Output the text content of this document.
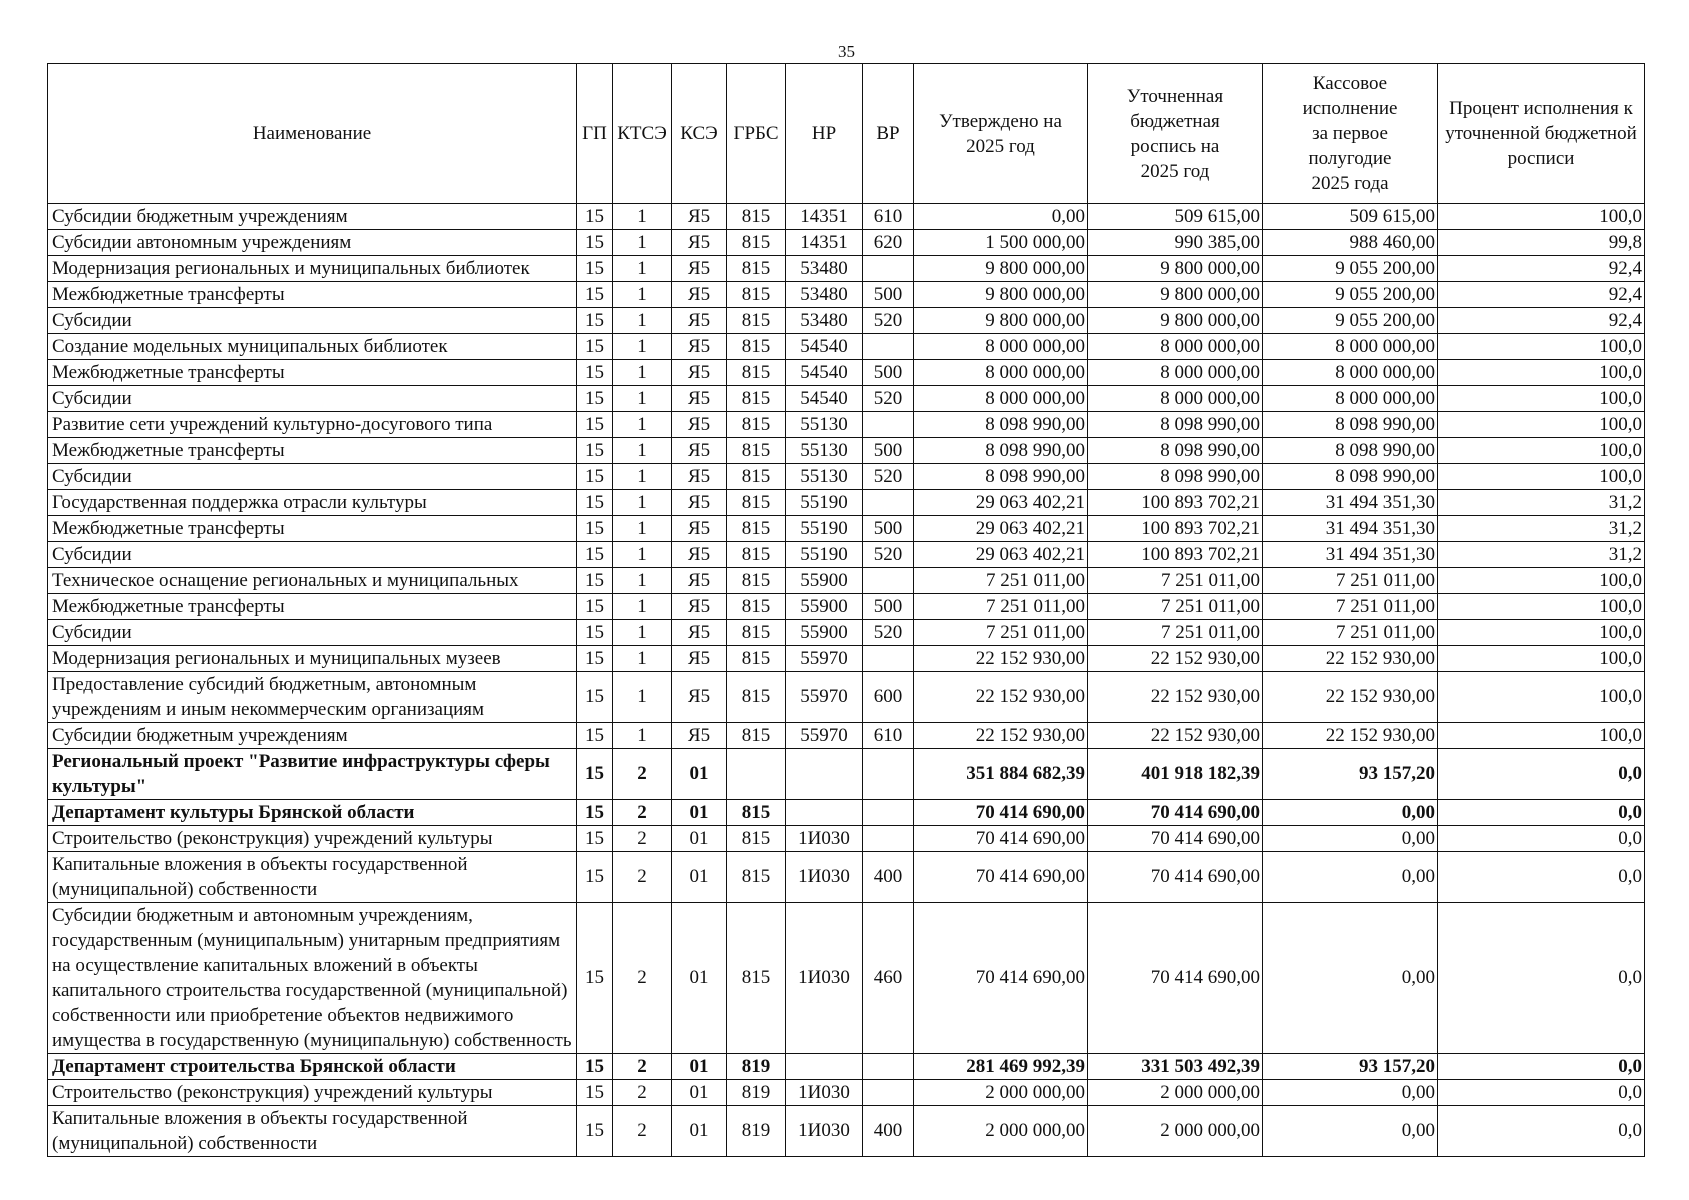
35
Наименование	ГП	КТСЭ	КСЭ	ГРБС	НР	ВР	Утверждено на 2025 год	Уточненная бюджетная роспись на 2025 год	Кассовое исполнение за первое полугодие 2025 года	Процент исполнения к уточненной бюджетной росписи
Субсидии бюджетным учреждениям	15	1	Я5	815	14351	610	0,00	509 615,00	509 615,00	100,0
Субсидии автономным учреждениям	15	1	Я5	815	14351	620	1 500 000,00	990 385,00	988 460,00	99,8
Модернизация региональных и муниципальных библиотек	15	1	Я5	815	53480		9 800 000,00	9 800 000,00	9 055 200,00	92,4
Межбюджетные трансферты	15	1	Я5	815	53480	500	9 800 000,00	9 800 000,00	9 055 200,00	92,4
Субсидии	15	1	Я5	815	53480	520	9 800 000,00	9 800 000,00	9 055 200,00	92,4
Создание модельных муниципальных библиотек	15	1	Я5	815	54540		8 000 000,00	8 000 000,00	8 000 000,00	100,0
Межбюджетные трансферты	15	1	Я5	815	54540	500	8 000 000,00	8 000 000,00	8 000 000,00	100,0
Субсидии	15	1	Я5	815	54540	520	8 000 000,00	8 000 000,00	8 000 000,00	100,0
Развитие сети учреждений культурно-досугового типа	15	1	Я5	815	55130		8 098 990,00	8 098 990,00	8 098 990,00	100,0
Межбюджетные трансферты	15	1	Я5	815	55130	500	8 098 990,00	8 098 990,00	8 098 990,00	100,0
Субсидии	15	1	Я5	815	55130	520	8 098 990,00	8 098 990,00	8 098 990,00	100,0
Государственная поддержка отрасли культуры	15	1	Я5	815	55190		29 063 402,21	100 893 702,21	31 494 351,30	31,2
Межбюджетные трансферты	15	1	Я5	815	55190	500	29 063 402,21	100 893 702,21	31 494 351,30	31,2
Субсидии	15	1	Я5	815	55190	520	29 063 402,21	100 893 702,21	31 494 351,30	31,2
Техническое оснащение региональных и муниципальных	15	1	Я5	815	55900		7 251 011,00	7 251 011,00	7 251 011,00	100,0
Межбюджетные трансферты	15	1	Я5	815	55900	500	7 251 011,00	7 251 011,00	7 251 011,00	100,0
Субсидии	15	1	Я5	815	55900	520	7 251 011,00	7 251 011,00	7 251 011,00	100,0
Модернизация региональных и муниципальных музеев	15	1	Я5	815	55970		22 152 930,00	22 152 930,00	22 152 930,00	100,0
Предоставление субсидий бюджетным, автономным учреждениям и иным некоммерческим организациям	15	1	Я5	815	55970	600	22 152 930,00	22 152 930,00	22 152 930,00	100,0
Субсидии бюджетным учреждениям	15	1	Я5	815	55970	610	22 152 930,00	22 152 930,00	22 152 930,00	100,0
Региональный проект "Развитие инфраструктуры сферы культуры"	15	2	01				351 884 682,39	401 918 182,39	93 157,20	0,0
Департамент культуры Брянской области	15	2	01	815			70 414 690,00	70 414 690,00	0,00	0,0
Строительство (реконструкция) учреждений культуры	15	2	01	815	1И030		70 414 690,00	70 414 690,00	0,00	0,0
Капитальные вложения в объекты государственной (муниципальной) собственности	15	2	01	815	1И030	400	70 414 690,00	70 414 690,00	0,00	0,0
Субсидии бюджетным и автономным учреждениям, государственным (муниципальным) унитарным предприятиям на осуществление капитальных вложений в объекты капитального строительства государственной (муниципальной) собственности или приобретение объектов недвижимого имущества в государственную (муниципальную) собственность	15	2	01	815	1И030	460	70 414 690,00	70 414 690,00	0,00	0,0
Департамент строительства Брянской области	15	2	01	819			281 469 992,39	331 503 492,39	93 157,20	0,0
Строительство (реконструкция) учреждений культуры	15	2	01	819	1И030		2 000 000,00	2 000 000,00	0,00	0,0
Капитальные вложения в объекты государственной (муниципальной) собственности	15	2	01	819	1И030	400	2 000 000,00	2 000 000,00	0,00	0,0
